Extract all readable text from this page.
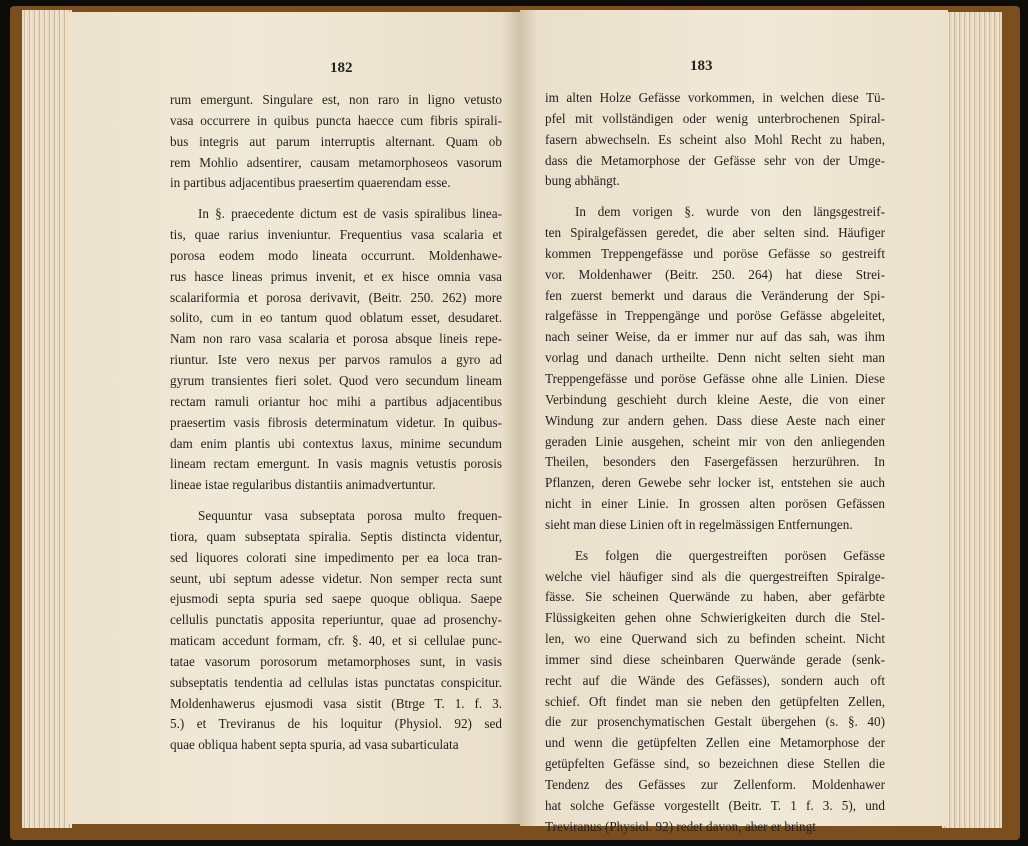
182
rum emergunt. Singulare est, non raro in ligno vetusto
vasa occurrere in quibus puncta haecce cum fibris spirali-
bus integris aut parum interruptis alternant. Quam ob
rem Mohlio adsentirer, causam metamorphoseos vasorum
in partibus adjacentibus praesertim quaerendam esse.
In §. praecedente dictum est de vasis spiralibus linea-
tis, quae rarius inveniuntur. Frequentius vasa scalaria et
porosa eodem modo lineata occurrunt. Moldenhawe-
rus hasce lineas primus invenit, et ex hisce omnia vasa
scalariformia et porosa derivavit, (Beitr. 250. 262) more
solito, cum in eo tantum quod oblatum esset, desudaret.
Nam non raro vasa scalaria et porosa absque lineis repe-
riuntur. Iste vero nexus per parvos ramulos a gyro ad
gyrum transientes fieri solet. Quod vero secundum lineam
rectam ramuli oriantur hoc mihi a partibus adjacentibus
praesertim vasis fibrosis determinatum videtur. In quibus-
dam enim plantis ubi contextus laxus, minime secundum
lineam rectam emergunt. In vasis magnis vetustis porosis
lineae istae regularibus distantiis animadvertuntur.
Sequuntur vasa subseptata porosa multo frequen-
tiora, quam subseptata spiralia. Septis distincta videntur,
sed liquores colorati sine impedimento per ea loca tran-
seunt, ubi septum adesse videtur. Non semper recta sunt
ejusmodi septa spuria sed saepe quoque obliqua. Saepe
cellulis punctatis apposita reperiuntur, quae ad prosenchy-
maticam accedunt formam, cfr. §. 40, et si cellulae punc-
tatae vasorum porosorum metamorphoses sunt, in vasis
subseptatis tendentia ad cellulas istas punctatas conspicitur.
Moldenhawerus ejusmodi vasa sistit (Btrge T. 1. f. 3.
5.) et Treviranus de his loquitur (Physiol. 92) sed
quae obliqua habent septa spuria, ad vasa subarticulata
183
im alten Holze Gefässe vorkommen, in welchen diese Tü-
pfel mit vollständigen oder wenig unterbrochenen Spiral-
fasern abwechseln. Es scheint also Mohl Recht zu haben,
dass die Metamorphose der Gefässe sehr von der Umge-
bung abhängt.
In dem vorigen §. wurde von den längsgestreif-
ten Spiralgefässen geredet, die aber selten sind. Häufiger
kommen Treppengefässe und poröse Gefässe so gestreift
vor. Moldenhawer (Beitr. 250. 264) hat diese Strei-
fen zuerst bemerkt und daraus die Veränderung der Spi-
ralgefässe in Treppengänge und poröse Gefässe abgeleitet,
nach seiner Weise, da er immer nur auf das sah, was ihm
vorlag und danach urtheilte. Denn nicht selten sieht man
Treppengefässe und poröse Gefässe ohne alle Linien. Diese
Verbindung geschieht durch kleine Aeste, die von einer
Windung zur andern gehen. Dass diese Aeste nach einer
geraden Linie ausgehen, scheint mir von den anliegenden
Theilen, besonders den Fasergefässen herzurühren. In
Pflanzen, deren Gewebe sehr locker ist, entstehen sie auch
nicht in einer Linie. In grossen alten porösen Gefässen
sieht man diese Linien oft in regelmässigen Entfernungen.
Es folgen die quergestreiften porösen Gefässe
welche viel häufiger sind als die quergestreiften Spiralge-
fässe. Sie scheinen Querwände zu haben, aber gefärbte
Flüssigkeiten gehen ohne Schwierigkeiten durch die Stel-
len, wo eine Querwand sich zu befinden scheint. Nicht
immer sind diese scheinbaren Querwände gerade (senk-
recht auf die Wände des Gefässes), sondern auch oft
schief. Oft findet man sie neben den getüpfelten Zellen,
die zur prosenchymatischen Gestalt übergehen (s. §. 40)
und wenn die getüpfelten Zellen eine Metamorphose der
getüpfelten Gefässe sind, so bezeichnen diese Stellen die
Tendenz des Gefässes zur Zellenform. Moldenhawer
hat solche Gefässe vorgestellt (Beitr. T. 1 f. 3. 5), und
Treviranus (Physiol. 92) redet davon, aber er bringt
